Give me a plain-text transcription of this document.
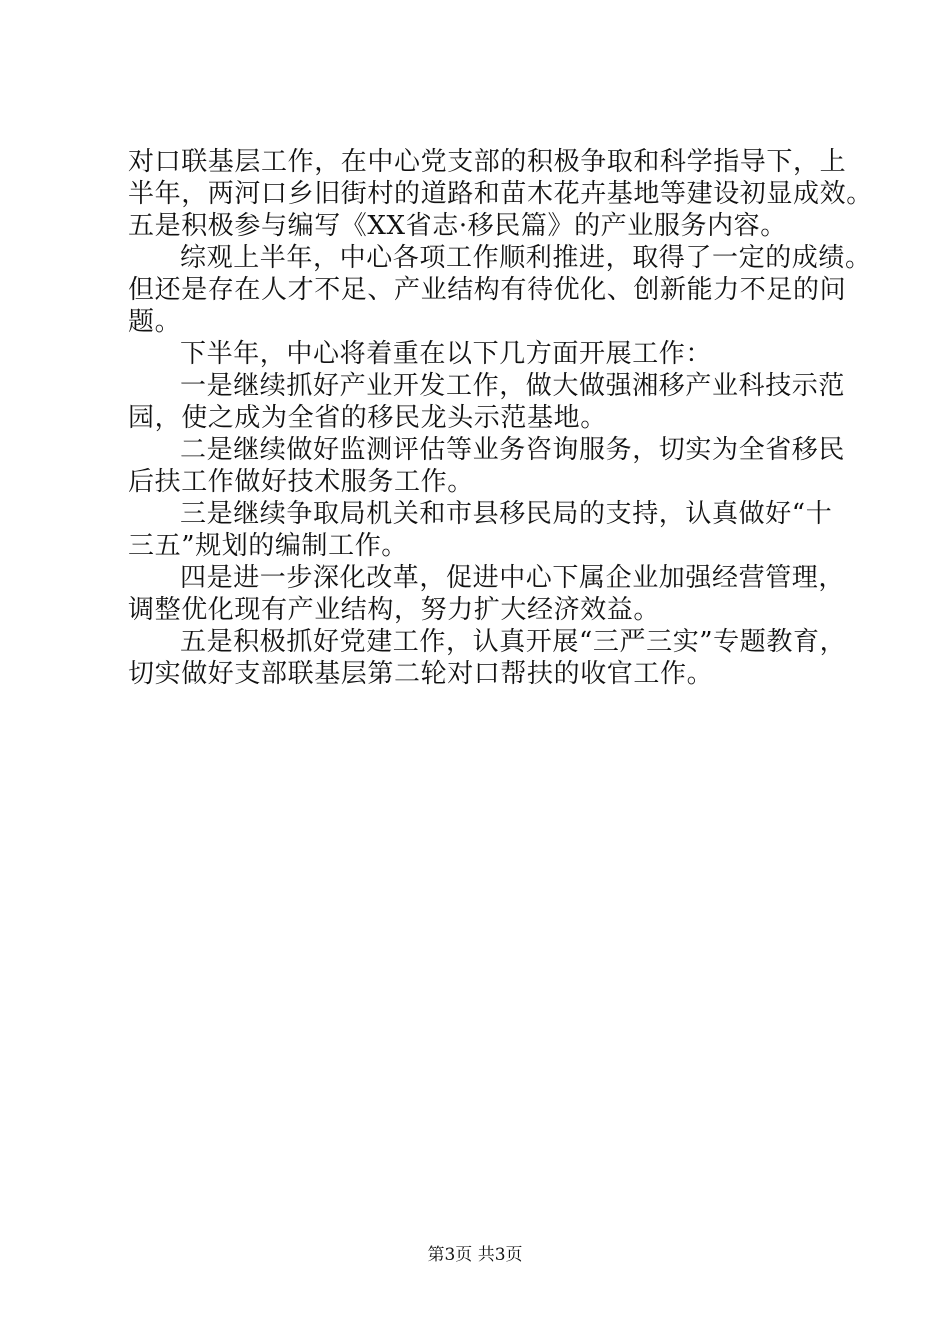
对口联基层工作，在中心党支部的积极争取和科学指导下，上
半年，两河口乡旧街村的道路和苗木花卉基地等建设初显成效。
五是积极参与编写《XX省志·移民篇》的产业服务内容。
综观上半年，中心各项工作顺利推进，取得了一定的成绩。
但还是存在人才不足、产业结构有待优化、创新能力不足的问
题。
下半年，中心将着重在以下几方面开展工作：
一是继续抓好产业开发工作，做大做强湘移产业科技示范
园，使之成为全省的移民龙头示范基地。
二是继续做好监测评估等业务咨询服务，切实为全省移民
后扶工作做好技术服务工作。
三是继续争取局机关和市县移民局的支持，认真做好“十
三五”规划的编制工作。
四是进一步深化改革，促进中心下属企业加强经营管理，
调整优化现有产业结构，努力扩大经济效益。
五是积极抓好党建工作，认真开展“三严三实”专题教育，
切实做好支部联基层第二轮对口帮扶的收官工作。
第3页 共3页
